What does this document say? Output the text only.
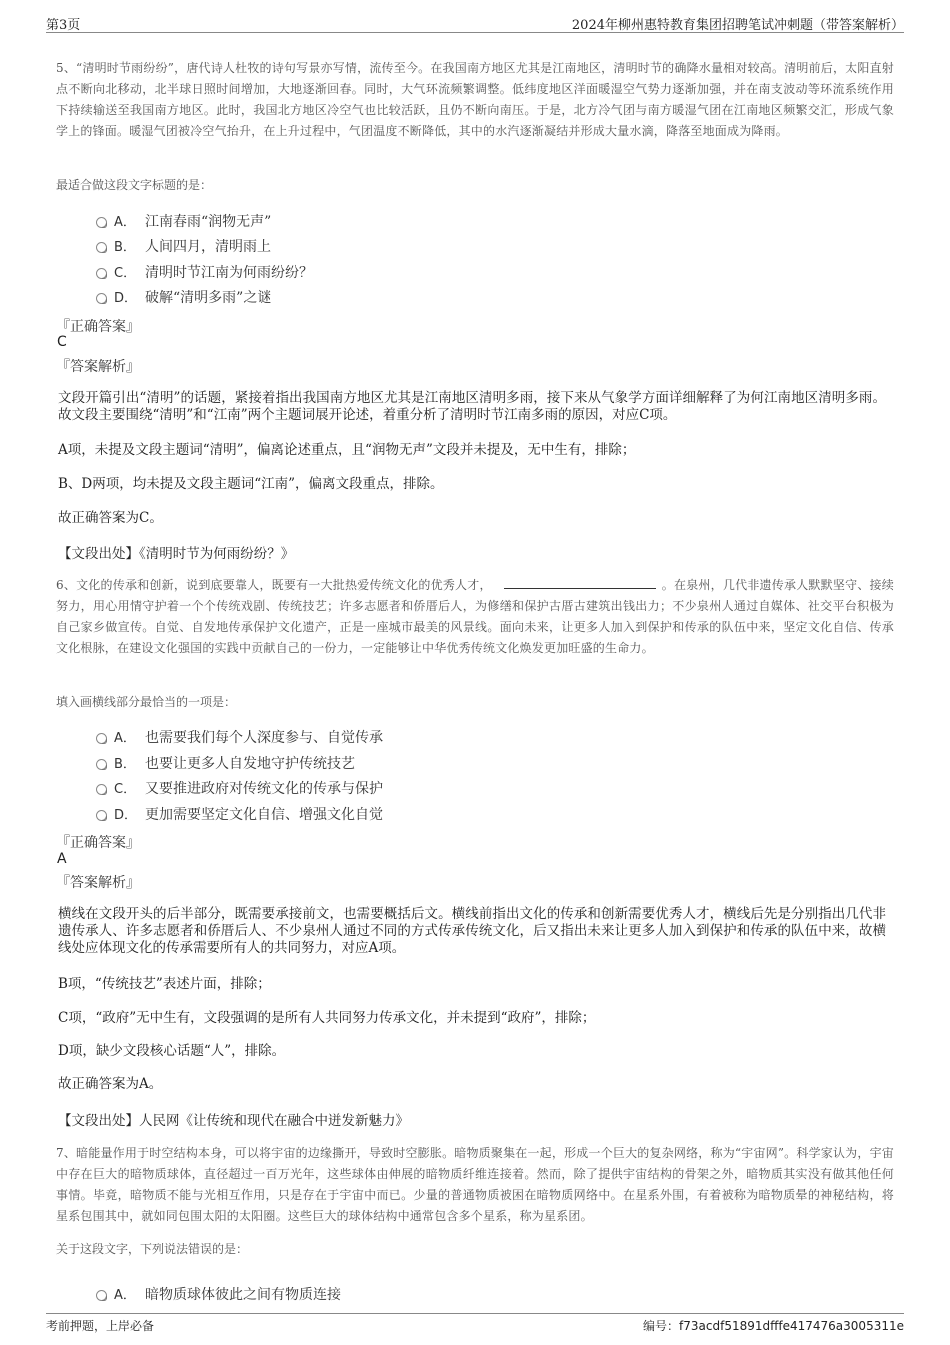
第3页	2024年柳州惠特教育集团招聘笔试冲刺题（带答案解析）
5、“清明时节雨纷纷”，唐代诗人杜牧的诗句写景亦写情，流传至今。在我国南方地区尤其是江南地区，清明时节的确降水量相对较高。清明前后，太阳直射点不断向北移动，北半球日照时间增加，大地逐渐回春。同时，大气环流频繁调整。低纬度地区洋面暖湿空气势力逐渐加强，并在南支波动等环流系统作用下持续输送至我国南方地区。此时，我国北方地区冷空气也比较活跃，且仍不断向南压。于是，北方冷气团与南方暖湿气团在江南地区频繁交汇，形成气象学上的锋面。暖湿气团被冷空气抬升，在上升过程中，气团温度不断降低，其中的水汽逐渐凝结并形成大量水滴，降落至地面成为降雨。
最适合做这段文字标题的是：
A． 江南春雨“润物无声”
B． 人间四月，清明雨上
C． 清明时节江南为何雨纷纷？
D． 破解“清明多雨”之谜
『正确答案』
C
『答案解析』
文段开篇引出“清明”的话题，紧接着指出我国南方地区尤其是江南地区清明多雨，接下来从气象学方面详细解释了为何江南地区清明多雨。故文段主要围绕“清明”和“江南”两个主题词展开论述，着重分析了清明时节江南多雨的原因，对应C项。
A项，未提及文段主题词“清明”，偏离论述重点，且“润物无声”文段并未提及，无中生有，排除；
B、D两项，均未提及文段主题词“江南”，偏离文段重点，排除。
故正确答案为C。
【文段出处】《清明时节为何雨纷纷？》
6、文化的传承和创新，说到底要靠人，既要有一大批热爱传统文化的优秀人才，	。在泉州，几代非遗传承人默默坚守、接续努力，用心用情守护着一个个传统戏剧、传统技艺；许多志愿者和侨厝后人，为修缮和保护古厝古建筑出钱出力；不少泉州人通过自媒体、社交平台积极为自己家乡做宣传。自觉、自发地传承保护文化遗产，正是一座城市最美的风景线。面向未来，让更多人加入到保护和传承的队伍中来，坚定文化自信、传承文化根脉，在建设文化强国的实践中贡献自己的一份力，一定能够让中华优秀传统文化焕发更加旺盛的生命力。
填入画横线部分最恰当的一项是：
A． 也需要我们每个人深度参与、自觉传承
B． 也要让更多人自发地守护传统技艺
C． 又要推进政府对传统文化的传承与保护
D． 更加需要坚定文化自信、增强文化自觉
『正确答案』
A
『答案解析』
横线在文段开头的后半部分，既需要承接前文，也需要概括后文。横线前指出文化的传承和创新需要优秀人才，横线后先是分别指出几代非遗传承人、许多志愿者和侨厝后人、不少泉州人通过不同的方式传承传统文化，后又指出未来让更多人加入到保护和传承的队伍中来，故横线处应体现文化的传承需要所有人的共同努力，对应A项。
B项，“传统技艺”表述片面，排除；
C项，“政府”无中生有，文段强调的是所有人共同努力传承文化，并未提到“政府”，排除；
D项，缺少文段核心话题“人”，排除。
故正确答案为A。
【文段出处】人民网《让传统和现代在融合中迸发新魅力》
7、暗能量作用于时空结构本身，可以将宇宙的边缘撕开，导致时空膨胀。暗物质聚集在一起，形成一个巨大的复杂网络，称为“宇宙网”。科学家认为，宇宙中存在巨大的暗物质球体，直径超过一百万光年，这些球体由伸展的暗物质纤维连接着。然而，除了提供宇宙结构的骨架之外，暗物质其实没有做其他任何事情。毕竟，暗物质不能与光相互作用，只是存在于宇宙中而已。少量的普通物质被困在暗物质网络中。在星系外围，有着被称为暗物质晕的神秘结构，将星系包围其中，就如同包围太阳的太阳圈。这些巨大的球体结构中通常包含多个星系，称为星系团。
关于这段文字，下列说法错误的是：
A． 暗物质球体彼此之间有物质连接
考前押题，上岸必备	编号：f73acdf51891dfffe417476a3005311e
